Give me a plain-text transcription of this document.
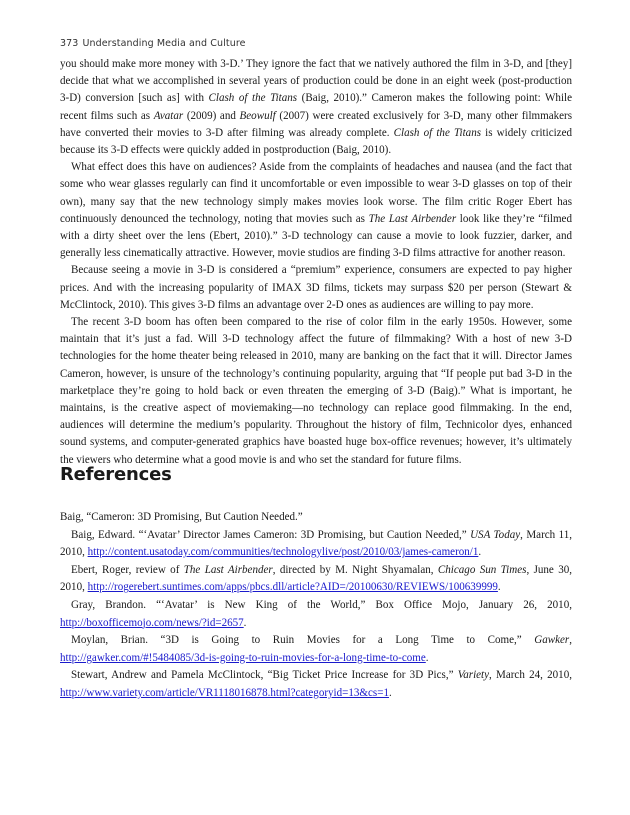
373 Understanding Media and Culture

you should make more money with 3-D.’ They ignore the fact that we natively authored the film in 3-D, and [they] decide that what we accomplished in several years of production could be done in an eight week (post-production 3-D) conversion [such as] with Clash of the Titans (Baig, 2010).” Cameron makes the following point: While recent films such as Avatar (2009) and Beowulf (2007) were created exclusively for 3-D, many other filmmakers have converted their movies to 3-D after filming was already complete. Clash of the Titans is widely criticized because its 3-D effects were quickly added in postproduction (Baig, 2010).

What effect does this have on audiences? Aside from the complaints of headaches and nausea (and the fact that some who wear glasses regularly can find it uncomfortable or even impossible to wear 3-D glasses on top of their own), many say that the new technology simply makes movies look worse. The film critic Roger Ebert has continuously denounced the technology, noting that movies such as The Last Airbender look like they’re “filmed with a dirty sheet over the lens (Ebert, 2010).” 3-D technology can cause a movie to look fuzzier, darker, and generally less cinematically attractive. However, movie studios are finding 3-D films attractive for another reason.

Because seeing a movie in 3-D is considered a “premium” experience, consumers are expected to pay higher prices. And with the increasing popularity of IMAX 3D films, tickets may surpass $20 per person (Stewart & McClintock, 2010). This gives 3-D films an advantage over 2-D ones as audiences are willing to pay more.

The recent 3-D boom has often been compared to the rise of color film in the early 1950s. However, some maintain that it’s just a fad. Will 3-D technology affect the future of filmmaking? With a host of new 3-D technologies for the home theater being released in 2010, many are banking on the fact that it will. Director James Cameron, however, is unsure of the technology’s continuing popularity, arguing that “If people put bad 3-D in the marketplace they’re going to hold back or even threaten the emerging of 3-D (Baig).” What is important, he maintains, is the creative aspect of moviemaking—no technology can replace good filmmaking. In the end, audiences will determine the medium’s popularity. Throughout the history of film, Technicolor dyes, enhanced sound systems, and computer-generated graphics have boasted huge box-office revenues; however, it’s ultimately the viewers who determine what a good movie is and who set the standard for future films.

References

Baig, “Cameron: 3D Promising, But Caution Needed.”

Baig, Edward. “‘Avatar’ Director James Cameron: 3D Promising, but Caution Needed,” USA Today, March 11, 2010, http://content.usatoday.com/communities/technologylive/post/2010/03/james-cameron/1.

Ebert, Roger, review of The Last Airbender, directed by M. Night Shyamalan, Chicago Sun Times, June 30, 2010, http://rogerebert.suntimes.com/apps/pbcs.dll/article?AID=/20100630/REVIEWS/100639999.

Gray, Brandon. “‘Avatar’ is New King of the World,” Box Office Mojo, January 26, 2010, http://boxofficemojo.com/news/?id=2657.

Moylan, Brian. “3D is Going to Ruin Movies for a Long Time to Come,” Gawker, http://gawker.com/#!5484085/3d-is-going-to-ruin-movies-for-a-long-time-to-come.

Stewart, Andrew and Pamela McClintock, “Big Ticket Price Increase for 3D Pics,” Variety, March 24, 2010, http://www.variety.com/article/VR1118016878.html?categoryid=13&cs=1.
